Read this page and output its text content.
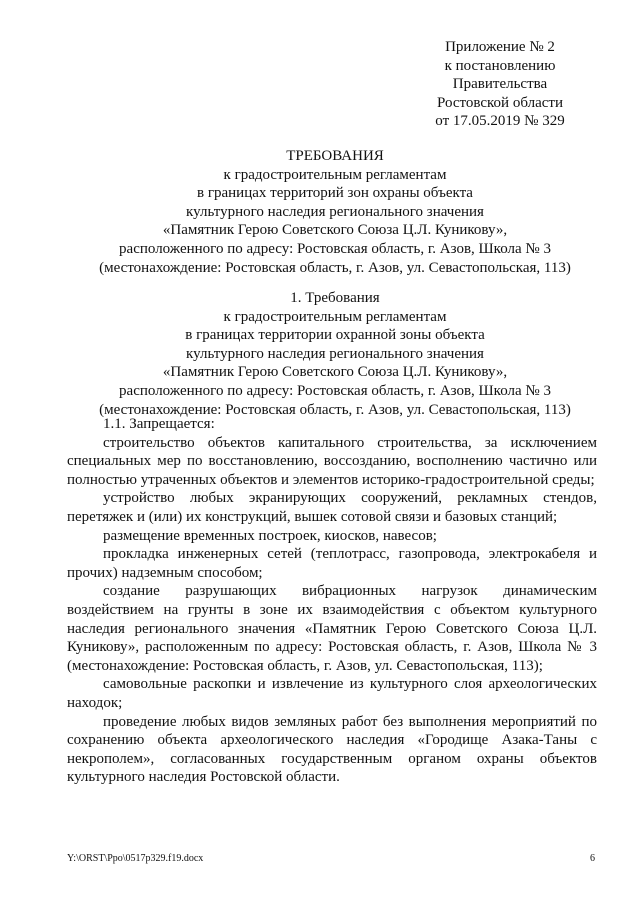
Приложение № 2
к постановлению
Правительства
Ростовской области
от 17.05.2019 № 329
ТРЕБОВАНИЯ
к градостроительным регламентам
в границах территорий зон охраны объекта
культурного наследия регионального значения
«Памятник Герою Советского Союза Ц.Л. Куникову»,
расположенного по адресу: Ростовская область, г. Азов, Школа № 3
(местонахождение: Ростовская область, г. Азов, ул. Севастопольская, 113)
1. Требования
к градостроительным регламентам
в границах территории охранной зоны объекта
культурного наследия регионального значения
«Памятник Герою Советского Союза Ц.Л. Куникову»,
расположенного по адресу: Ростовская область, г. Азов, Школа № 3
(местонахождение: Ростовская область, г. Азов, ул. Севастопольская, 113)

1.1. Запрещается:

строительство объектов капитального строительства, за исключением специальных мер по восстановлению, воссозданию, восполнению частично или полностью утраченных объектов и элементов историко-градостроительной среды;

устройство любых экранирующих сооружений, рекламных стендов, перетяжек и (или) их конструкций, вышек сотовой связи и базовых станций;

размещение временных построек, киосков, навесов;

прокладка инженерных сетей (теплотрасс, газопровода, электрокабеля и прочих) надземным способом;

создание разрушающих вибрационных нагрузок динамическим воздействием на грунты в зоне их взаимодействия с объектом культурного наследия регионального значения «Памятник Герою Советского Союза Ц.Л. Куникову», расположенным по адресу: Ростовская область, г. Азов, Школа № 3 (местонахождение: Ростовская область, г. Азов, ул. Севастопольская, 113);

самовольные раскопки и извлечение из культурного слоя археологических находок;

проведение любых видов земляных работ без выполнения мероприятий по сохранению объекта археологического наследия «Городище Азака-Таны с некрополем», согласованных государственным органом охраны объектов культурного наследия Ростовской области.

Y:\ORST\Ppo\0517p329.f19.docx	6
